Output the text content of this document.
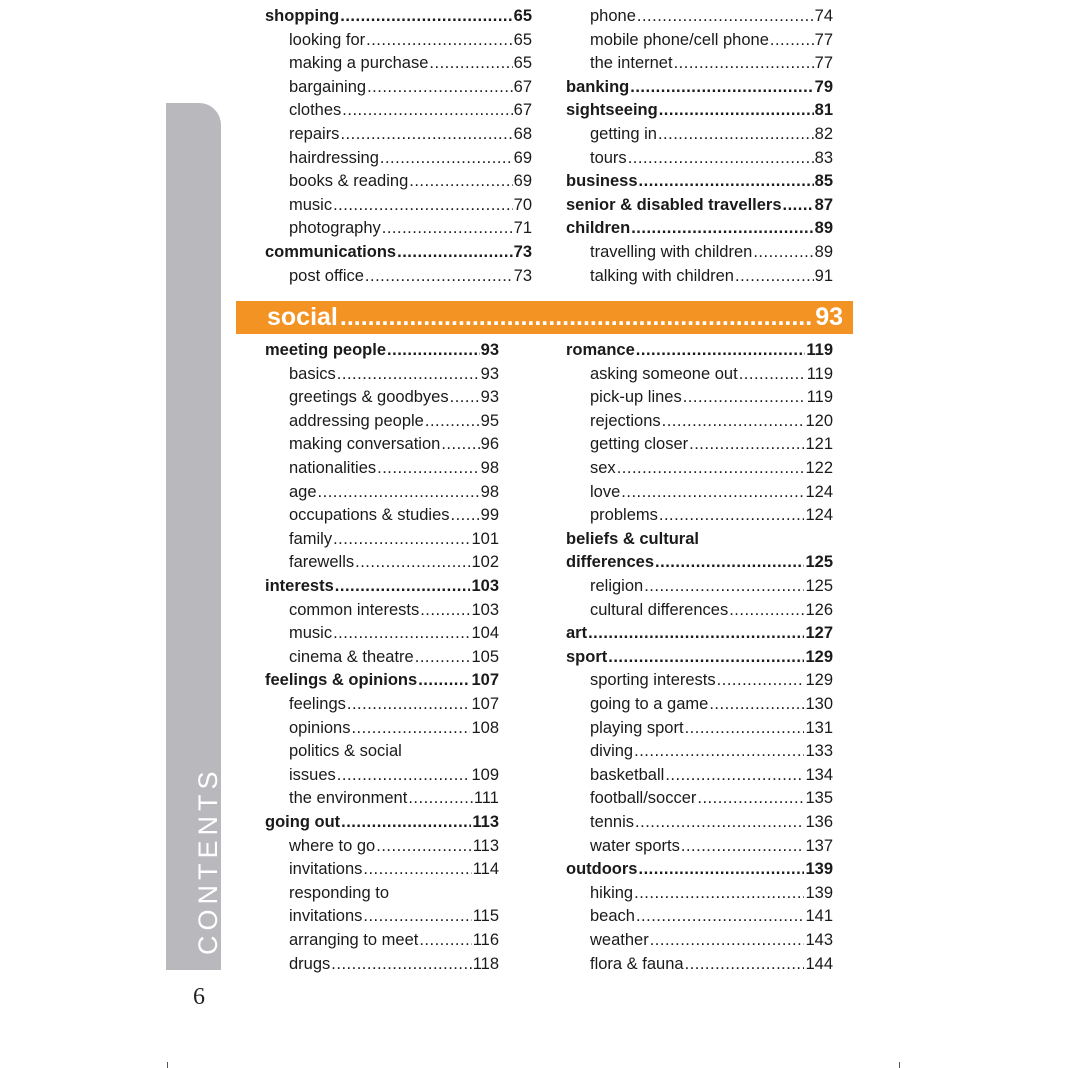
CONTENTS
6
shopping .....	65
looking for .....	65
making a purchase .....	65
bargaining .....	67
clothes .....	67
repairs .....	68
hairdressing .....	69
books & reading .....	69
music .....	70
photography .....	71
communications .....	73
post office .....	73
phone .....	74
mobile phone/cell phone .....	77
the internet .....	77
banking .....	79
sightseeing .....	81
getting in .....	82
tours .....	83
business .....	85
senior & disabled travellers ..... 87
children .....	89
travelling with children .....	89
talking with children .....	91
social .....	93
meeting people .....	93
basics .....	93
greetings & goodbyes ..... 93
addressing people .....	95
making conversation ..... 96
nationalities .....	98
age .....	98
occupations & studies ..... 99
family .....	101
farewells .....	102
interests .....	103
common interests .....	103
music .....	104
cinema & theatre .....	105
feelings & opinions .....	107
feelings .....	107
opinions .....	108
politics & social
issues .....	109
the environment .....	111
going out .....	113
where to go .....	113
invitations .....	114
responding to
invitations .....	115
arranging to meet .....	116
drugs .....	118
romance .....	119
asking someone out .....	119
pick-up lines .....	119
rejections .....	120
getting closer .....	121
sex .....	122
love .....	124
problems .....	124
beliefs & cultural
differences .....	125
religion .....	125
cultural differences .....	126
art .....	127
sport .....	129
sporting interests .....	129
going to a game .....	130
playing sport .....	131
diving .....	133
basketball .....	134
football/soccer .....	135
tennis .....	136
water sports .....	137
outdoors .....	139
hiking .....	139
beach .....	141
weather .....	143
flora & fauna .....	144
